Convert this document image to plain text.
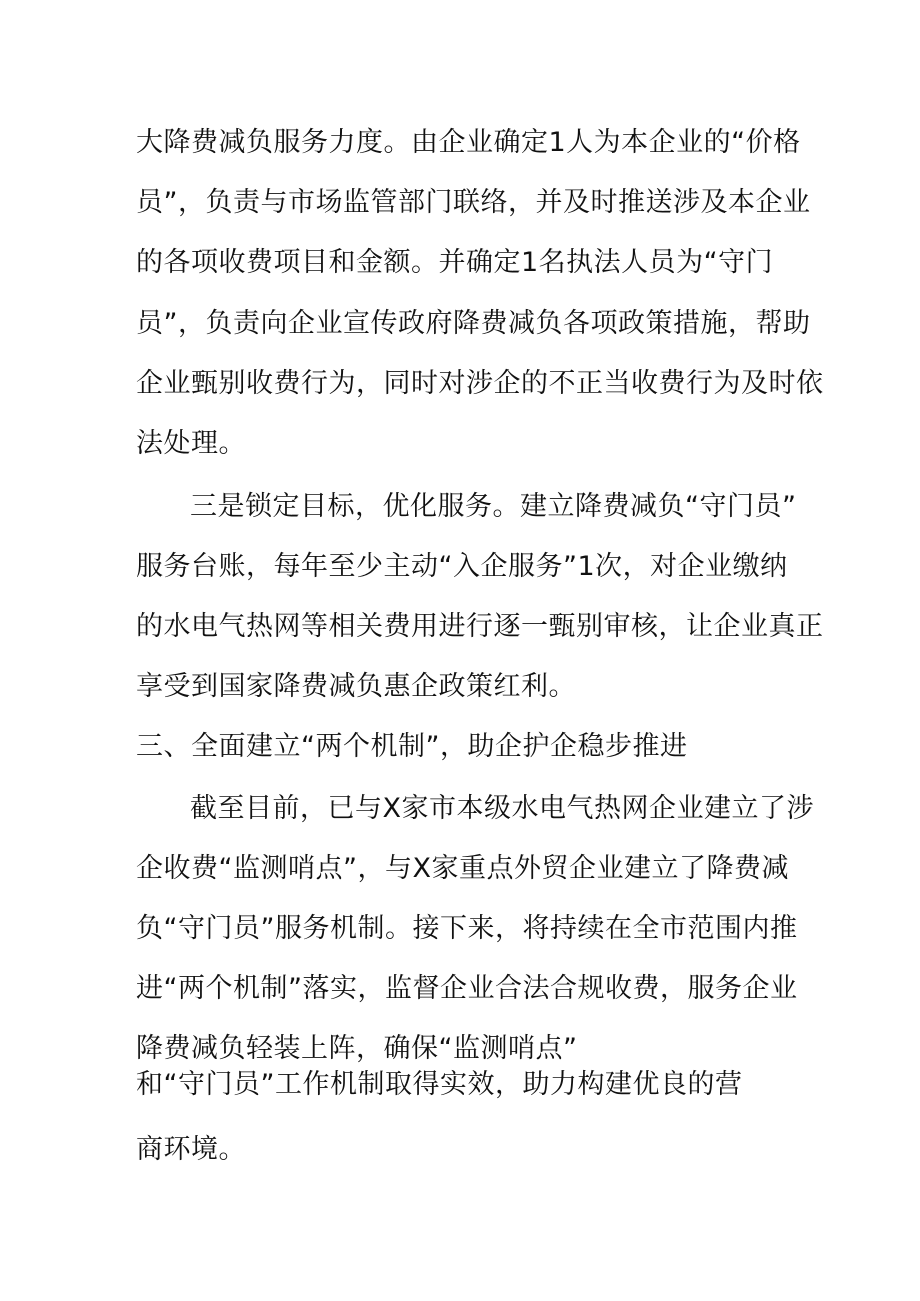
大降费减负服务力度。由企业确定1人为本企业的“价格
员”，负责与市场监管部门联络，并及时推送涉及本企业
的各项收费项目和金额。并确定1名执法人员为“守门
员”，负责向企业宣传政府降费减负各项政策措施，帮助
企业甄别收费行为，同时对涉企的不正当收费行为及时依
法处理。
三是锁定目标，优化服务。建立降费减负“守门员”
服务台账，每年至少主动“入企服务”1次，对企业缴纳
的水电气热网等相关费用进行逐一甄别审核，让企业真正
享受到国家降费减负惠企政策红利。
三、全面建立“两个机制”，助企护企稳步推进
截至目前，已与X家市本级水电气热网企业建立了涉
企收费“监测哨点”，与X家重点外贸企业建立了降费减
负“守门员”服务机制。接下来，将持续在全市范围内推
进“两个机制”落实，监督企业合法合规收费，服务企业
降费减负轻装上阵，确保“监测哨点”
和“守门员”工作机制取得实效，助力构建优良的营
商环境。
